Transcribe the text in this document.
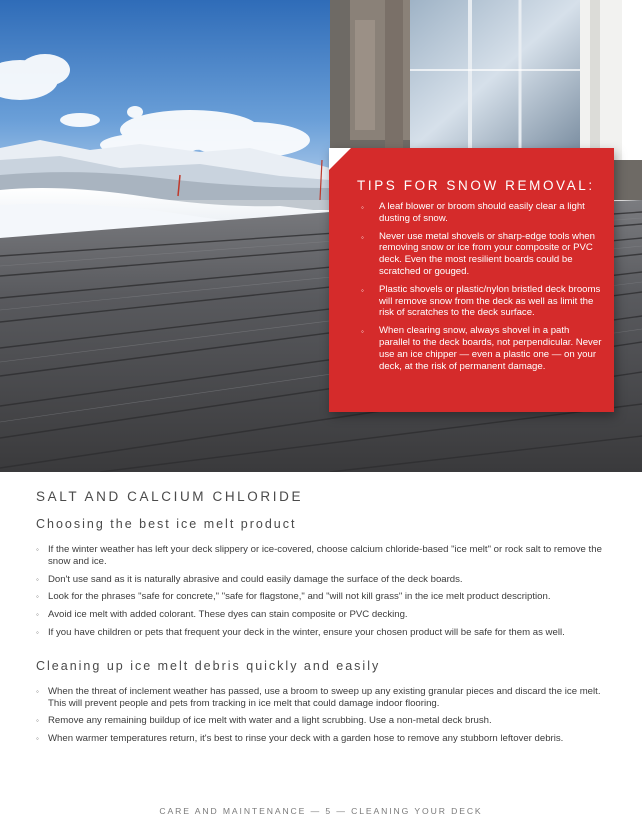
TIPS FOR SNOW REMOVAL:
◦ A leaf blower or broom should easily clear a light dusting of snow.
◦ Never use metal shovels or sharp-edge tools when removing snow or ice from your composite or PVC deck. Even the most resilient boards could be scratched or gouged.
◦ Plastic shovels or plastic/nylon bristled deck brooms will remove snow from the deck as well as limit the risk of scratches to the deck surface.
◦ When clearing snow, always shovel in a path parallel to the deck boards, not perpendicular. Never use an ice chipper — even a plastic one — on your deck, at the risk of permanent damage.
SALT AND CALCIUM CHLORIDE
Choosing the best ice melt product
◦ If the winter weather has left your deck slippery or ice-covered, choose calcium chloride-based "ice melt" or rock salt to remove the snow and ice.
◦ Don't use sand as it is naturally abrasive and could easily damage the surface of the deck boards.
◦ Look for the phrases "safe for concrete," "safe for flagstone," and "will not kill grass" in the ice melt product description.
◦ Avoid ice melt with added colorant. These dyes can stain composite or PVC decking.
◦ If you have children or pets that frequent your deck in the winter, ensure your chosen product will be safe for them as well.
Cleaning up ice melt debris quickly and easily
◦ When the threat of inclement weather has passed, use a broom to sweep up any existing granular pieces and discard the ice melt. This will prevent people and pets from tracking in ice melt that could damage indoor flooring.
◦ Remove any remaining buildup of ice melt with water and a light scrubbing. Use a non-metal deck brush.
◦ When warmer temperatures return, it's best to rinse your deck with a garden hose to remove any stubborn leftover debris.
CARE AND MAINTENANCE — 5 — CLEANING YOUR DECK
